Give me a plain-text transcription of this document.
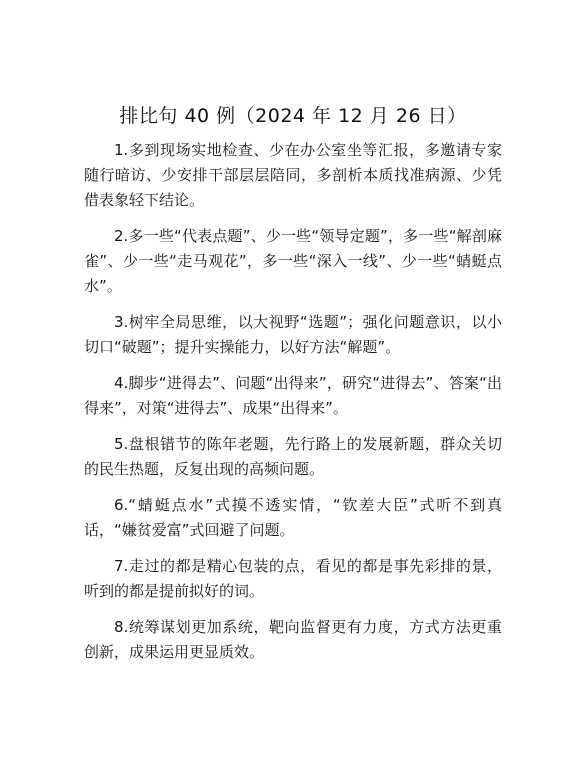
排比句 40 例（2024 年 12 月 26 日）

1.多到现场实地检查、少在办公室坐等汇报，多邀请专家随行暗访、少安排干部层层陪同，多剖析本质找准病源、少凭借表象轻下结论。

2.多一些“代表点题”、少一些“领导定题”，多一些“解剖麻雀”、少一些“走马观花”，多一些“深入一线”、少一些“蜻蜓点水”。

3.树牢全局思维，以大视野“选题”；强化问题意识，以小切口“破题”；提升实操能力，以好方法“解题”。

4.脚步“进得去”、问题“出得来”，研究“进得去”、答案“出得来”，对策“进得去”、成果“出得来”。

5.盘根错节的陈年老题，先行路上的发展新题，群众关切的民生热题，反复出现的高频问题。

6.“蜻蜓点水”式摸不透实情，“钦差大臣”式听不到真话，“嫌贫爱富”式回避了问题。

7.走过的都是精心包装的点，看见的都是事先彩排的景，听到的都是提前拟好的词。

8.统筹谋划更加系统，靶向监督更有力度，方式方法更重创新，成果运用更显质效。
